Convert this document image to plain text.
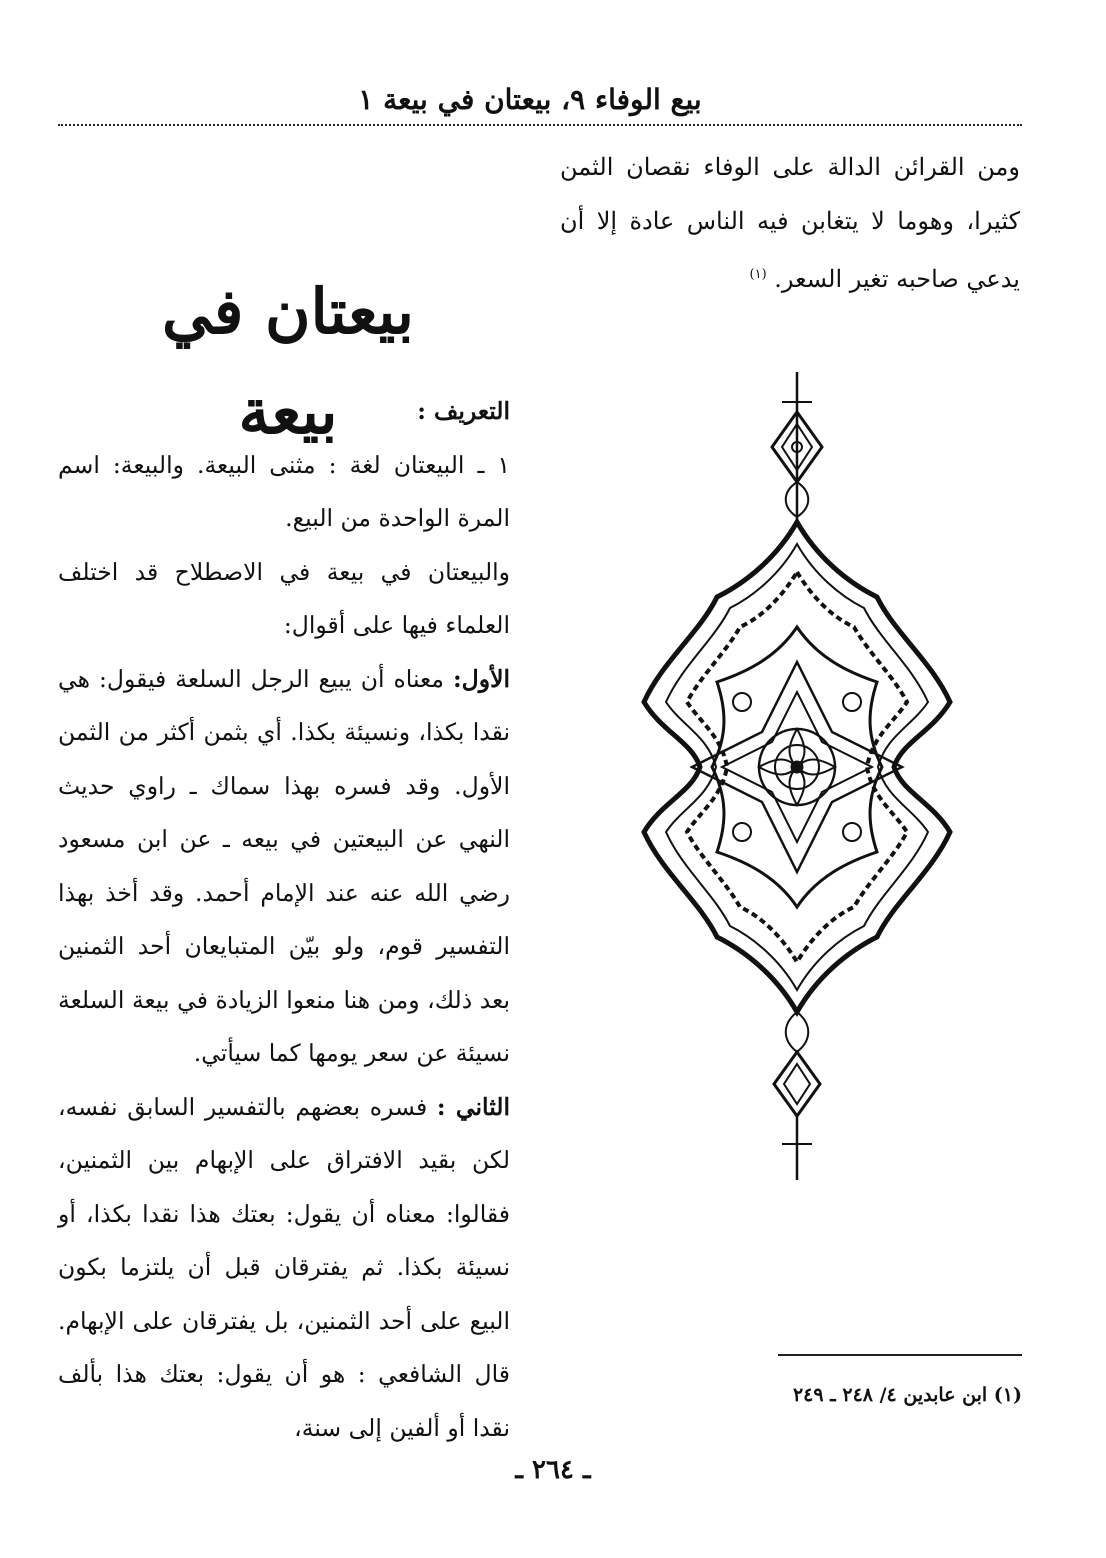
بيع الوفاء ٩، بيعتان في بيعة ١

ومن القرائن الدالة على الوفاء نقصان الثمن كثيرا، وهوما لا يتغابن فيه الناس عادة إلا أن يدعي صاحبه تغير السعر. $^{(١)}$

بيعتان في بيعة	التعريف :

١ ـ البيعتان لغة : مثنى البيعة. والبيعة: اسم المرة الواحدة من البيع.

والبيعتان في بيعة في الاصطلاح قد اختلف العلماء فيها على أقوال:

الأول: معناه أن يبيع الرجل السلعة فيقول: هي نقدا بكذا، ونسيئة بكذا. أي بثمن أكثر من الثمن الأول. وقد فسره بهذا سماك ـ راوي حديث النهي عن البيعتين في بيعه ـ عن ابن مسعود رضي الله عنه عند الإمام أحمد. وقد أخذ بهذا التفسير قوم، ولو بيّن المتبايعان أحد الثمنين بعد ذلك، ومن هنا منعوا الزيادة في بيعة السلعة نسيئة عن سعر يومها كما سيأتي.

الثاني : فسره بعضهم بالتفسير السابق نفسه، لكن بقيد الافتراق على الإبهام بين الثمنين، فقالوا: معناه أن يقول: بعتك هذا نقدا بكذا، أو نسيئة بكذا. ثم يفترقان قبل أن يلتزما بكون البيع على أحد الثمنين، بل يفترقان على الإبهام. قال الشافعي : هو أن يقول: بعتك هذا بألف نقدا أو ألفين إلى سنة،

(١) ابن عابدين ٤/ ٢٤٨ ـ ٢٤٩
ـ ٢٦٤ ـ
